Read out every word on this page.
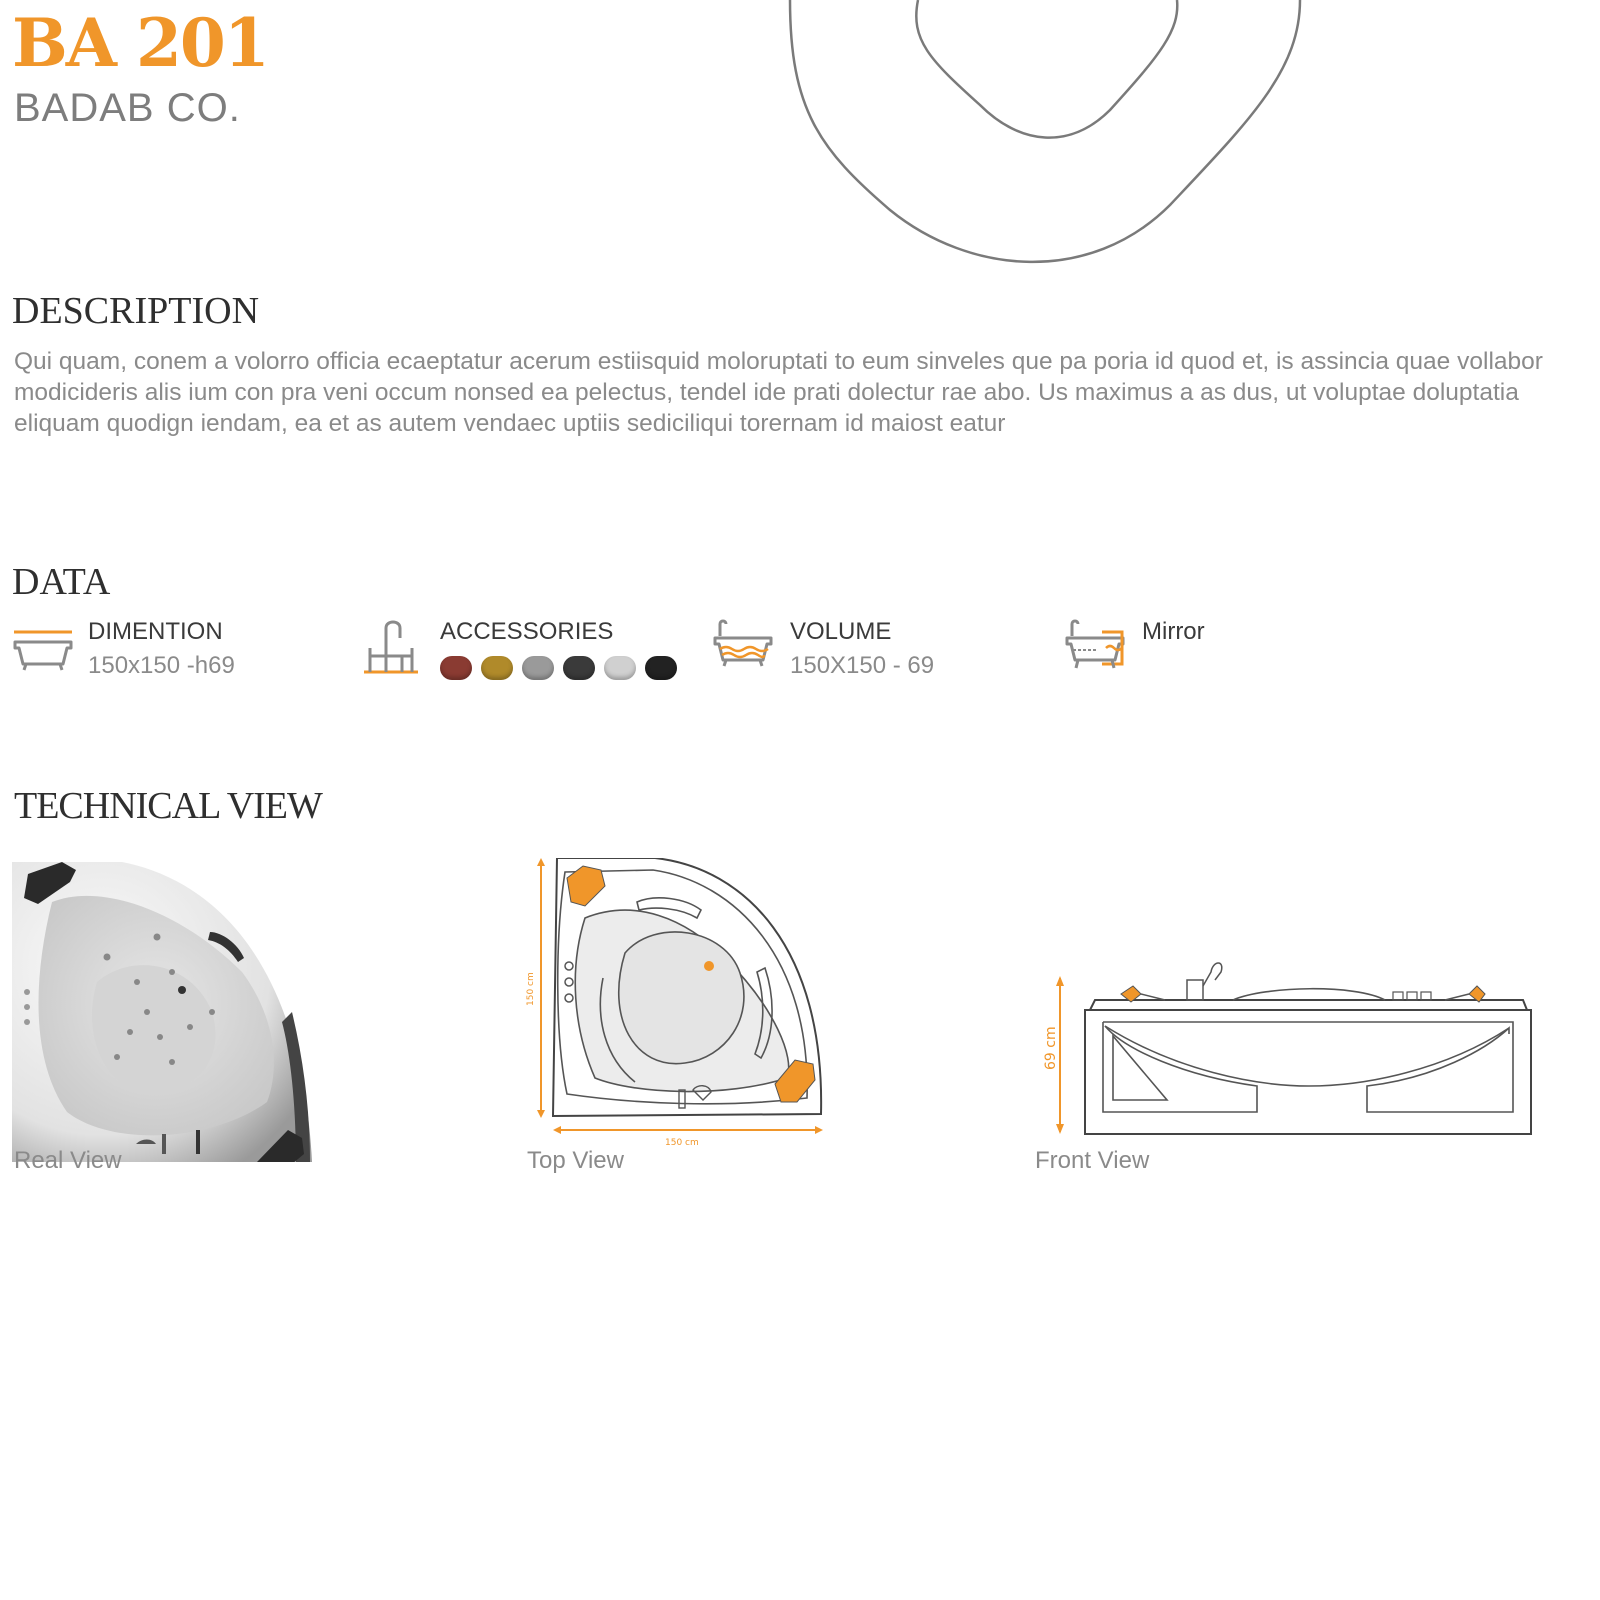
BA 201
BADAB CO.
DESCRIPTION

Qui quam, conem a volorro officia ecaeptatur acerum estiisquid moloruptati to eum sinveles que pa poria id quod et, is assincia quae vollabor modicideris alis ium con pra veni occum nonsed ea pelectus, tendel ide prati dolectur rae abo. Us maximus a as dus, ut voluptae doluptatia eliquam quodign iendam, ea et as autem vendaec uptiis sediciliqui torernam id maiost eatur

DATA
DIMENTION
150x150 -h69
ACCESSORIES	VOLUME
150X150 - 69
Mirror
TECHNICAL VIEW
Real View
150 cm
150 cm
Top View
69 cm
Front View
